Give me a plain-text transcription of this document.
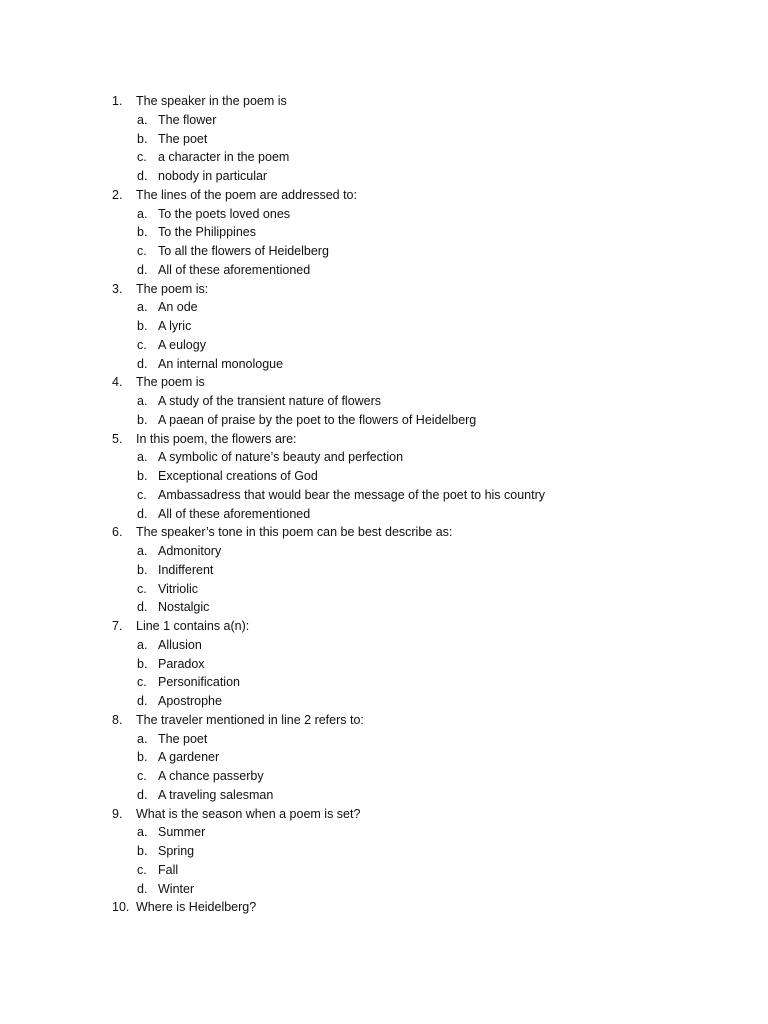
1.	The speaker in the poem is
a. The flower
b. The poet
c. a character in the poem
d. nobody in particular
2.	The lines of the poem are addressed to:
a. To the poets loved ones
b. To the Philippines
c. To all the flowers of Heidelberg
d. All of these aforementioned
3.	The poem is:
a. An ode
b. A lyric
c. A eulogy
d. An internal monologue
4.	The poem is
a. A study of the transient nature of flowers
b. A paean of praise by the poet to the flowers of Heidelberg
5.	In this poem, the flowers are:
a. A symbolic of nature’s beauty and perfection
b. Exceptional creations of God
c. Ambassadress that would bear the message of the poet to his country
d. All of these aforementioned
6.	The speaker’s tone in this poem can be best describe as:
a. Admonitory
b. Indifferent
c. Vitriolic
d. Nostalgic
7.	Line 1 contains a(n):
a. Allusion
b. Paradox
c. Personification
d. Apostrophe
8.	The traveler mentioned in line 2 refers to:
a. The poet
b. A gardener
c. A chance passerby
d. A traveling salesman
9.	What is the season when a poem is set?
a. Summer
b. Spring
c. Fall
d. Winter
10. Where is Heidelberg?
